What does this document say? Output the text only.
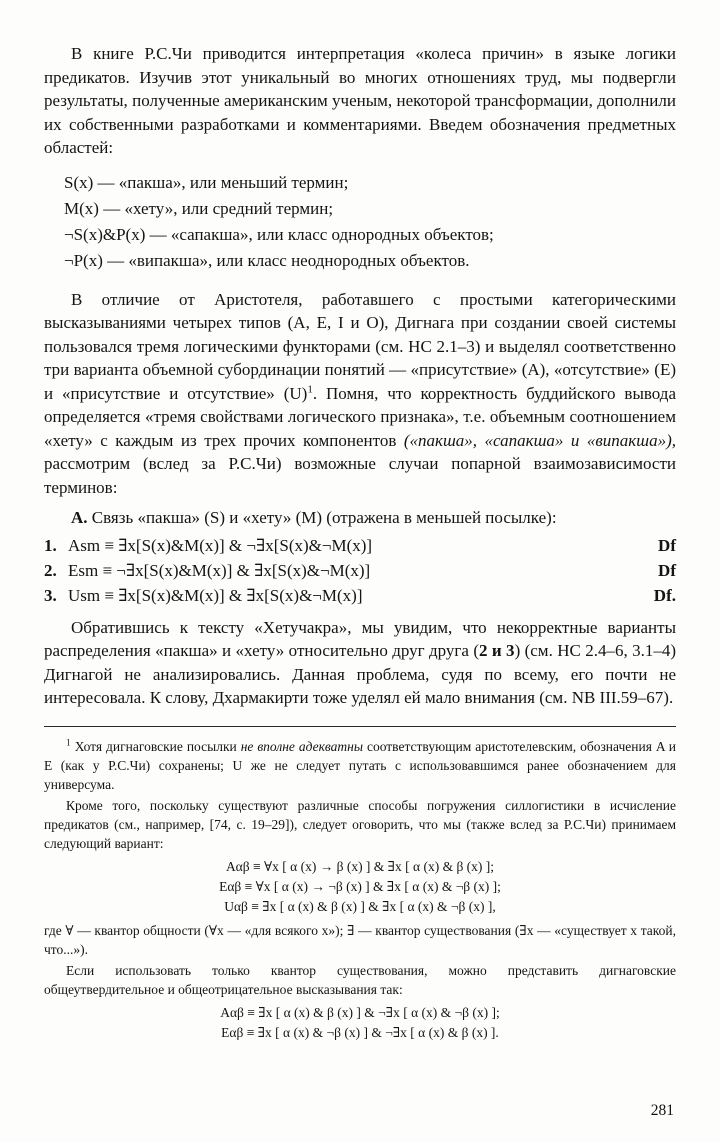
В книге Р.С.Чи приводится интерпретация «колеса причин» в языке логики предикатов. Изучив этот уникальный во многих отношениях труд, мы подвергли результаты, полученные американским ученым, некоторой трансформации, дополнили их собственными разработками и комментариями. Введем обозначения предметных областей:

S(x) — «пакша», или меньший термин;
M(x) — «хету», или средний термин;
¬S(x)&P(x) — «сапакша», или класс однородных объектов;
¬P(x) — «випакша», или класс неоднородных объектов.

В отличие от Аристотеля, работавшего с простыми категорическими высказываниями четырех типов (A, E, I и O), Дигнага при создании своей системы пользовался тремя логическими функторами (см. HC 2.1–3) и выделял соответственно три варианта объемной субординации понятий — «присутствие» (A), «отсутствие» (E) и «присутствие и отсутствие» (U)$^1$. Помня, что корректность буддийского вывода определяется «тремя свойствами логического признака», т.е. объемным соотношением «хету» с каждым из трех прочих компонентов («пакша», «сапакша» и «випакша»), рассмотрим (вслед за Р.С.Чи) возможные случаи попарной взаимозависимости терминов:

А. Связь «пакша» (S) и «хету» (M) (отражена в меньшей посылке):

1. Asm ≡ ∃x[S(x)&M(x)] & ¬∃x[S(x)&¬M(x)]	Df
2. Esm ≡ ¬∃x[S(x)&M(x)] & ∃x[S(x)&¬M(x)]	Df
3. Usm ≡ ∃x[S(x)&M(x)] & ∃x[S(x)&¬M(x)]	Df.

Обратившись к тексту «Хетучакра», мы увидим, что некорректные варианты распределения «пакша» и «хету» относительно друг друга (2 и 3) (см. HC 2.4–6, 3.1–4) Дигнагой не анализировались. Данная проблема, судя по всему, его почти не интересовала. К слову, Дхармакирти тоже уделял ей мало внимания (см. NB III.59–67).

$^1$ Хотя дигнаговские посылки не вполне адекватны соответствующим аристотелевским, обозначения A и E (как у Р.С.Чи) сохранены; U же не следует путать с использовавшимся ранее обозначением для универсума.

Кроме того, поскольку существуют различные способы погружения силлогистики в исчисление предикатов (см., например, [74, с. 19–29]), следует оговорить, что мы (также вслед за Р.С.Чи) принимаем следующий вариант:

Aαβ ≡ ∀x [ α (x) → β (x) ] & ∃x [ α (x) & β (x) ];
Eαβ ≡ ∀x [ α (x) → ¬β (x) ] & ∃x [ α (x) & ¬β (x) ];
Uαβ ≡ ∃x [ α (x) & β (x) ] & ∃x [ α (x) & ¬β (x) ],

где ∀ — квантор общности (∀x — «для всякого x»); ∃ — квантор существования (∃x — «существует x такой, что...»).

Если использовать только квантор существования, можно представить дигнаговские общеутвердительное и общеотрицательное высказывания так:

Aαβ ≡ ∃x [ α (x) & β (x) ] & ¬∃x [ α (x) & ¬β (x) ];
Eαβ ≡ ∃x [ α (x) & ¬β (x) ] & ¬∃x [ α (x) & β (x) ].
281
